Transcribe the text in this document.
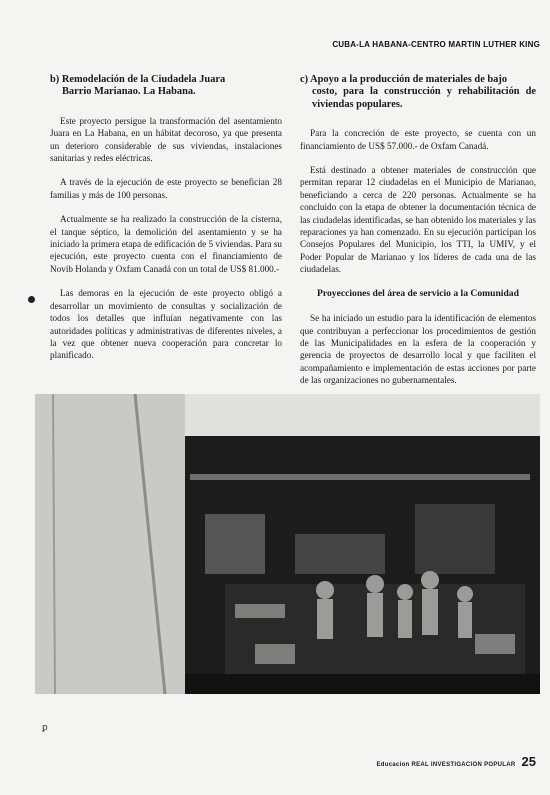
CUBA-LA HABANA-CENTRO MARTIN LUTHER KING
b) Remodelación de la Ciudadela Juara
Barrio Marianao. La Habana.

Este proyecto persigue la transformación del asentamiento Juara en La Habana, en un hábitat decoroso, ya que presenta un deterioro considerable de sus viviendas, instalaciones sanitarias y redes eléctricas.

A través de la ejecución de este proyecto se benefician 28 familias y más de 100 personas.

Actualmente se ha realizado la construcción de la cisterna, el tanque séptico, la demolición del asentamiento y se ha iniciado la primera etapa de edificación de 5 viviendas. Para su ejecución, este proyecto cuenta con el financiamiento de Novib Holanda y Oxfam Canadá con un total de US$ 81.000.-

Las demoras en la ejecución de este proyecto obligó a desarrollar un movimiento de consultas y socialización de todos los detalles que influían negativamente con las autoridades políticas y administrativas de diferentes niveles, a la vez que obtener nueva cooperación para concretar lo planificado.

c) Apoyo a la producción de materiales de bajo
costo, para la construcción y rehabilitación de viviendas populares.

Para la concreción de este proyecto, se cuenta con un financiamiento de US$ 57.000.- de Oxfam Canadá.

Está destinado a obtener materiales de construcción que permitan reparar 12 ciudadelas en el Municipio de Marianao, beneficiando a cerca de 220 personas. Actualmente se ha concluido con la etapa de obtener la documentación técnica de las ciudadelas identificadas, se han obtenido los materiales y las reparaciones ya han comenzado. En su ejecución participan los Consejos Populares del Municipio, los TTI, la UMIV, y el Poder Popular de Marianao y los líderes de cada una de las ciudadelas.

Proyecciones del área de servicio a la Comunidad

Se ha iniciado un estudio para la identificación de elementos que contribuyan a perfeccionar los procedimientos de gestión de las Municipalidades en la esfera de la cooperación y gerencia de proyectos de desarrollo local y que faciliten el acompañamiento e implementación de estas acciones por parte de las organizaciones no gubernamentales.

ꝑ
Educacion REAL INVESTIGACION POPULAR 25
